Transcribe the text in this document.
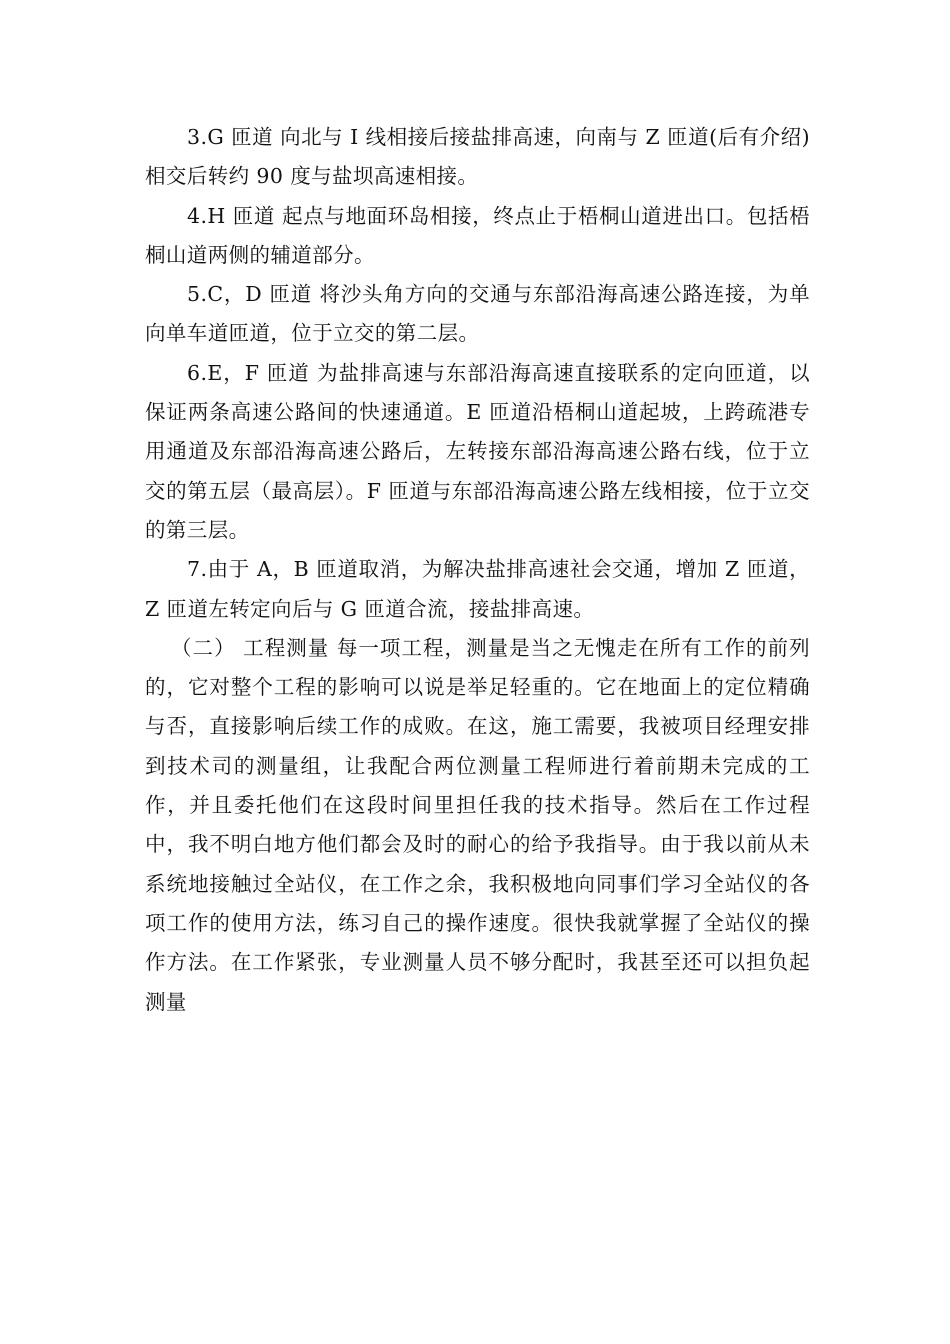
3.G 匝道 向北与 I 线相接后接盐排高速，向南与 Z 匝道(后有介绍)相交后转约 90 度与盐坝高速相接。

4.H 匝道 起点与地面环岛相接，终点止于梧桐山道进出口。包括梧桐山道两侧的辅道部分。

5.C，D 匝道 将沙头角方向的交通与东部沿海高速公路连接，为单向单车道匝道，位于立交的第二层。

6.E，F 匝道 为盐排高速与东部沿海高速直接联系的定向匝道，以保证两条高速公路间的快速通道。E 匝道沿梧桐山道起坡，上跨疏港专用通道及东部沿海高速公路后，左转接东部沿海高速公路右线，位于立交的第五层（最高层）。F 匝道与东部沿海高速公路左线相接，位于立交的第三层。

7.由于 A，B 匝道取消，为解决盐排高速社会交通，增加 Z 匝道，Z 匝道左转定向后与 G 匝道合流，接盐排高速。

（二） 工程测量 每一项工程，测量是当之无愧走在所有工作的前列的，它对整个工程的影响可以说是举足轻重的。它在地面上的定位精确与否，直接影响后续工作的成败。在这，施工需要，我被项目经理安排到技术司的测量组，让我配合两位测量工程师进行着前期未完成的工作，并且委托他们在这段时间里担任我的技术指导。然后在工作过程中，我不明白地方他们都会及时的耐心的给予我指导。由于我以前从未系统地接触过全站仪，在工作之余，我积极地向同事们学习全站仪的各项工作的使用方法，练习自己的操作速度。很快我就掌握了全站仪的操作方法。在工作紧张，专业测量人员不够分配时，我甚至还可以担负起测量
